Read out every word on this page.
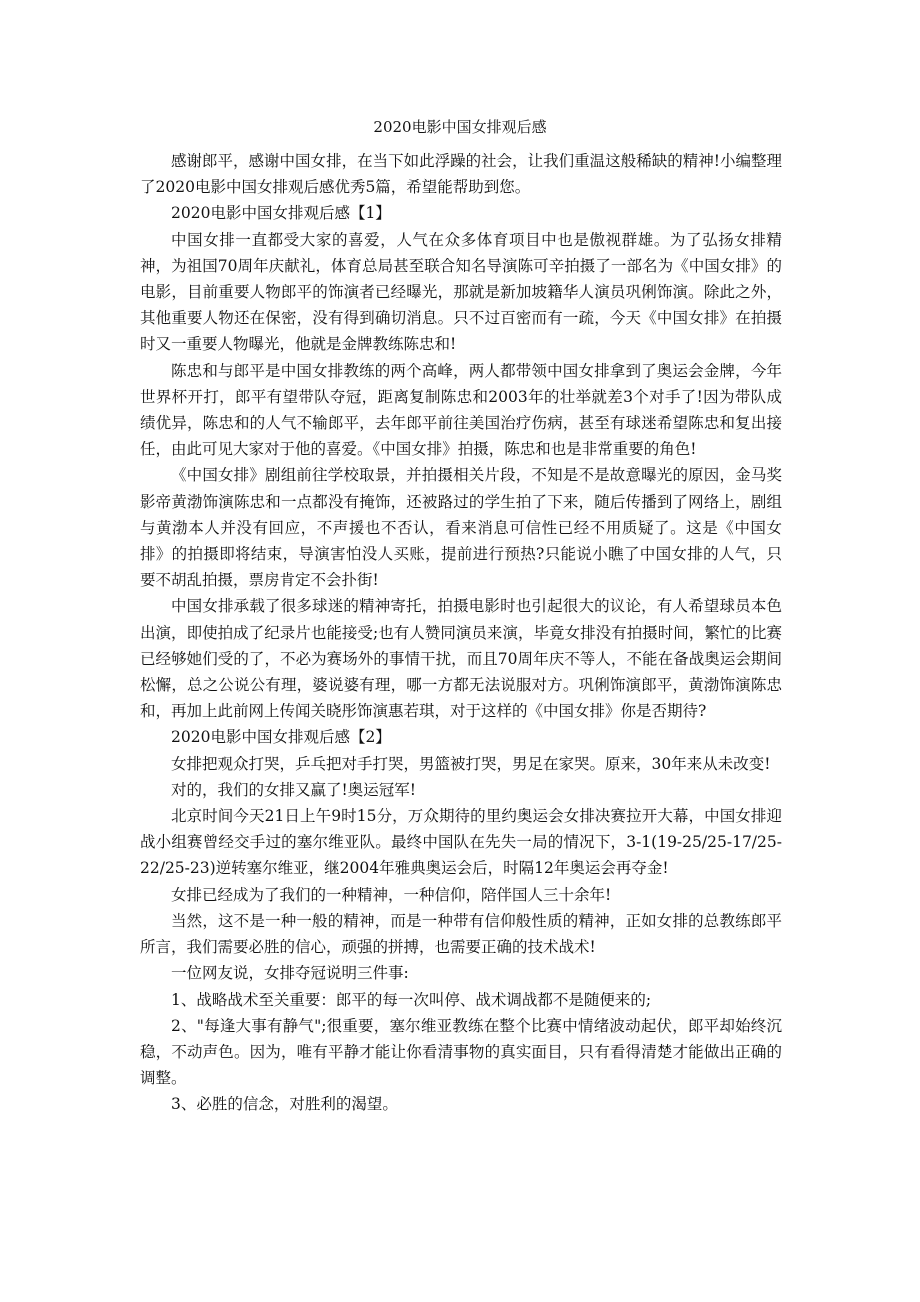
2020电影中国女排观后感

感谢郎平，感谢中国女排，在当下如此浮躁的社会，让我们重温这般稀缺的精神!小编整理了2020电影中国女排观后感优秀5篇，希望能帮助到您。

2020电影中国女排观后感【1】

中国女排一直都受大家的喜爱，人气在众多体育项目中也是傲视群雄。为了弘扬女排精神，为祖国70周年庆献礼，体育总局甚至联合知名导演陈可辛拍摄了一部名为《中国女排》的电影，目前重要人物郎平的饰演者已经曝光，那就是新加坡籍华人演员巩俐饰演。除此之外，其他重要人物还在保密，没有得到确切消息。只不过百密而有一疏，今天《中国女排》在拍摄时又一重要人物曝光，他就是金牌教练陈忠和!

陈忠和与郎平是中国女排教练的两个高峰，两人都带领中国女排拿到了奥运会金牌，今年世界杯开打，郎平有望带队夺冠，距离复制陈忠和2003年的壮举就差3个对手了!因为带队成绩优异，陈忠和的人气不输郎平，去年郎平前往美国治疗伤病，甚至有球迷希望陈忠和复出接任，由此可见大家对于他的喜爱。《中国女排》拍摄，陈忠和也是非常重要的角色!

《中国女排》剧组前往学校取景，并拍摄相关片段，不知是不是故意曝光的原因，金马奖影帝黄渤饰演陈忠和一点都没有掩饰，还被路过的学生拍了下来，随后传播到了网络上，剧组与黄渤本人并没有回应，不声援也不否认，看来消息可信性已经不用质疑了。这是《中国女排》的拍摄即将结束，导演害怕没人买账，提前进行预热?只能说小瞧了中国女排的人气，只要不胡乱拍摄，票房肯定不会扑街!

中国女排承载了很多球迷的精神寄托，拍摄电影时也引起很大的议论，有人希望球员本色出演，即使拍成了纪录片也能接受;也有人赞同演员来演，毕竟女排没有拍摄时间，繁忙的比赛已经够她们受的了，不必为赛场外的事情干扰，而且70周年庆不等人，不能在备战奥运会期间松懈，总之公说公有理，婆说婆有理，哪一方都无法说服对方。巩俐饰演郎平，黄渤饰演陈忠和，再加上此前网上传闻关晓彤饰演惠若琪，对于这样的《中国女排》你是否期待?

2020电影中国女排观后感【2】

女排把观众打哭，乒乓把对手打哭，男篮被打哭，男足在家哭。原来，30年来从未改变!

对的，我们的女排又赢了!奥运冠军!

北京时间今天21日上午9时15分，万众期待的里约奥运会女排决赛拉开大幕，中国女排迎战小组赛曾经交手过的塞尔维亚队。最终中国队在先失一局的情况下，3-1(19-25/25-17/25-22/25-23)逆转塞尔维亚，继2004年雅典奥运会后，时隔12年奥运会再夺金!

女排已经成为了我们的一种精神，一种信仰，陪伴国人三十余年!

当然，这不是一种一般的精神，而是一种带有信仰般性质的精神，正如女排的总教练郎平所言，我们需要必胜的信心，顽强的拼搏，也需要正确的技术战术!

一位网友说，女排夺冠说明三件事:

1、战略战术至关重要：郎平的每一次叫停、战术调战都不是随便来的;

2、"每逢大事有静气";很重要，塞尔维亚教练在整个比赛中情绪波动起伏，郎平却始终沉稳，不动声色。因为，唯有平静才能让你看清事物的真实面目，只有看得清楚才能做出正确的调整。

3、必胜的信念，对胜利的渴望。
